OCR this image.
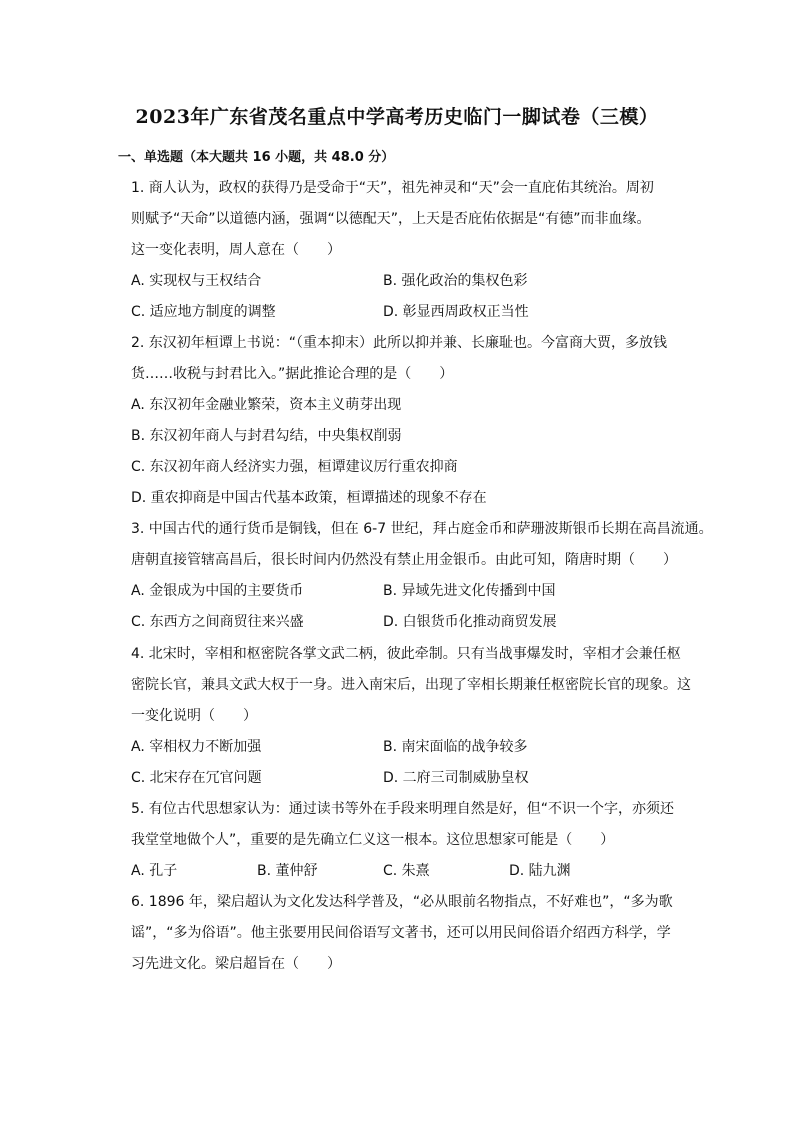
2023年广东省茂名重点中学高考历史临门一脚试卷（三模）
一、单选题（本大题共 16 小题，共 48.0 分）
1. 商人认为，政权的获得乃是受命于“天”，祖先神灵和“天”会一直庇佑其统治。周初
则赋予“天命”以道德内涵，强调“以德配天”，上天是否庇佑依据是“有德”而非血缘。
这一变化表明，周人意在（　　）
A. 实现权与王权结合	B. 强化政治的集权色彩
C. 适应地方制度的调整	D. 彰显西周政权正当性
2. 东汉初年桓谭上书说：“（重本抑末）此所以抑并兼、长廉耻也。今富商大贾，多放钱
货……收税与封君比入。”据此推论合理的是（　　）
A. 东汉初年金融业繁荣，资本主义萌芽出现
B. 东汉初年商人与封君勾结，中央集权削弱
C. 东汉初年商人经济实力强，桓谭建议厉行重农抑商
D. 重农抑商是中国古代基本政策，桓谭描述的现象不存在
3. 中国古代的通行货币是铜钱，但在 6-7 世纪，拜占庭金币和萨珊波斯银币长期在高昌流通。
唐朝直接管辖高昌后，很长时间内仍然没有禁止用金银币。由此可知，隋唐时期（　　）
A. 金银成为中国的主要货币	B. 异域先进文化传播到中国
C. 东西方之间商贸往来兴盛	D. 白银货币化推动商贸发展
4. 北宋时，宰相和枢密院各掌文武二柄，彼此牵制。只有当战事爆发时，宰相才会兼任枢
密院长官，兼具文武大权于一身。进入南宋后，出现了宰相长期兼任枢密院长官的现象。这
一变化说明（　　）
A. 宰相权力不断加强	B. 南宋面临的战争较多
C. 北宋存在冗官问题	D. 二府三司制威胁皇权
5. 有位古代思想家认为：通过读书等外在手段来明理自然是好，但“不识一个字，亦须还
我堂堂地做个人”，重要的是先确立仁义这一根本。这位思想家可能是（　　）
A. 孔子	B. 董仲舒	C. 朱熹	D. 陆九渊
6. 1896 年，梁启超认为文化发达科学普及，“必从眼前名物指点，不好难也”，“多为歌
谣”，“多为俗语”。他主张要用民间俗语写文著书，还可以用民间俗语介绍西方科学，学
习先进文化。梁启超旨在（　　）
